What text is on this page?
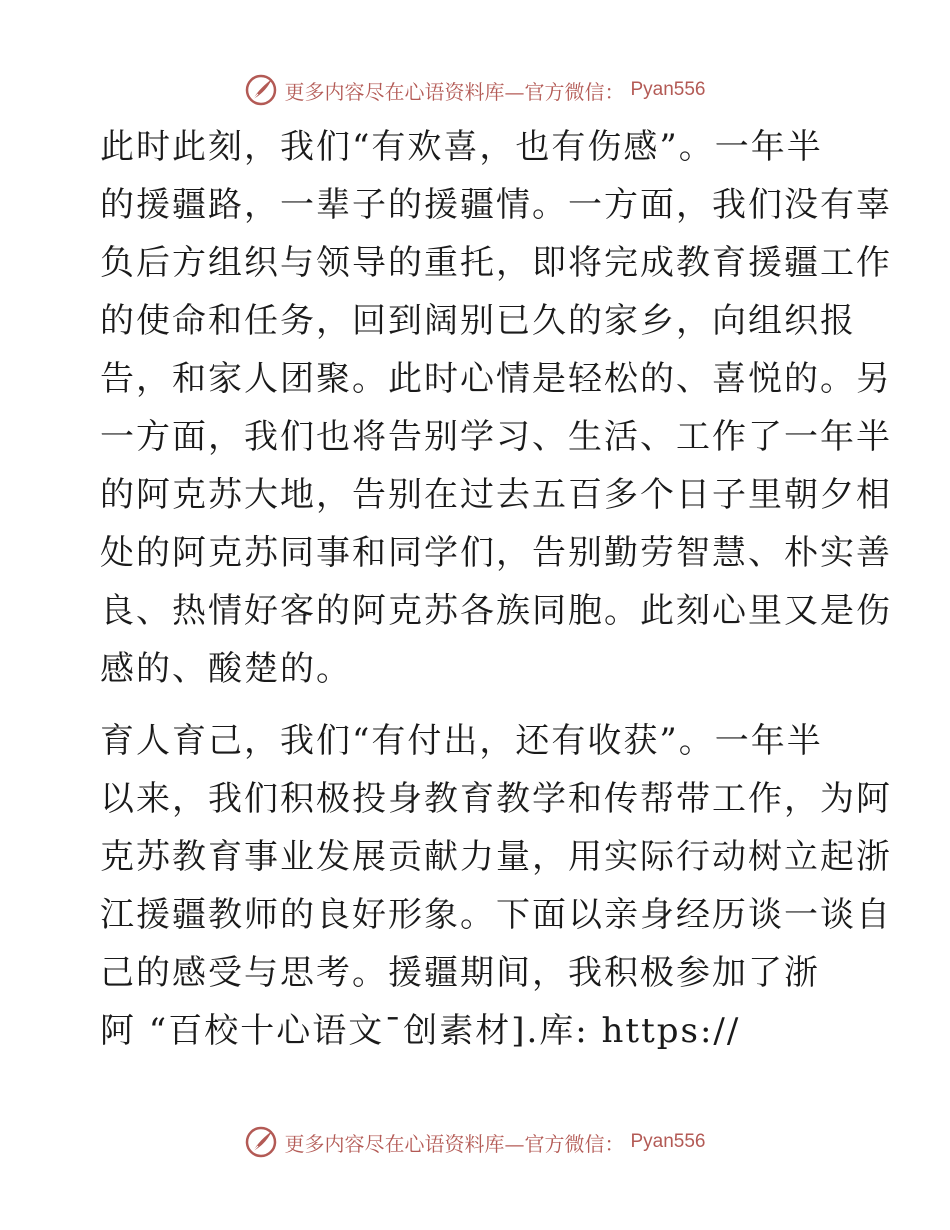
更多内容尽在心语资料库—官方微信： Pyan556

此时此刻，我们“有欢喜，也有伤感”。一年半
的援疆路，一辈子的援疆情。一方面，我们没有辜
负后方组织与领导的重托，即将完成教育援疆工作
的使命和任务，回到阔别已久的家乡，向组织报
告，和家人团聚。此时心情是轻松的、喜悦的。另
一方面，我们也将告别学习、生活、工作了一年半
的阿克苏大地，告别在过去五百多个日子里朝夕相
处的阿克苏同事和同学们，告别勤劳智慧、朴实善
良、热情好客的阿克苏各族同胞。此刻心里又是伤
感的、酸楚的。

育人育己，我们“有付出，还有收获”。一年半
以来，我们积极投身教育教学和传帮带工作，为阿
克苏教育事业发展贡献力量，用实际行动树立起浙
江援疆教师的良好形象。下面以亲身经历谈一谈自
己的感受与思考。援疆期间，我积极参加了浙
阿 “百校十心语文¯创素材].库: https://

更多内容尽在心语资料库—官方微信： Pyan556
